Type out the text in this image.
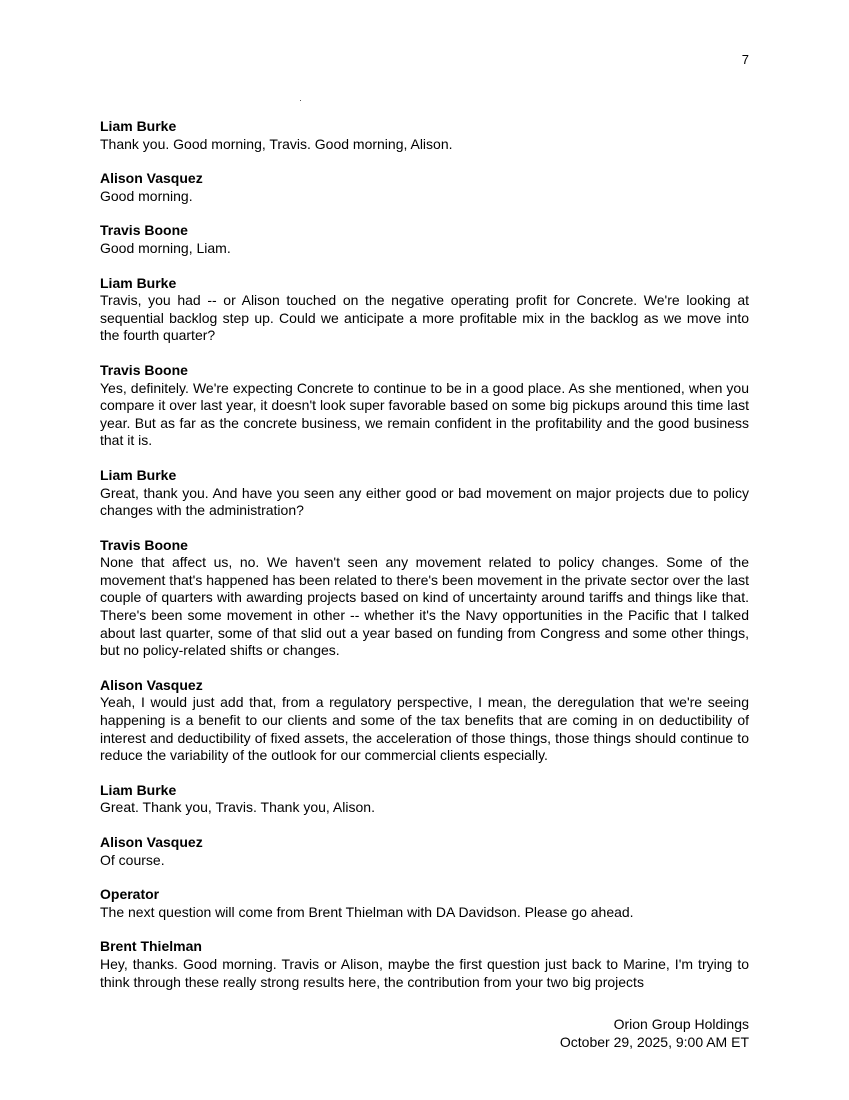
7
Liam Burke
Thank you. Good morning, Travis. Good morning, Alison.
Alison Vasquez
Good morning.
Travis Boone
Good morning, Liam.
Liam Burke
Travis, you had -- or Alison touched on the negative operating profit for Concrete. We're looking at sequential backlog step up. Could we anticipate a more profitable mix in the backlog as we move into the fourth quarter?
Travis Boone
Yes, definitely. We're expecting Concrete to continue to be in a good place. As she mentioned, when you compare it over last year, it doesn't look super favorable based on some big pickups around this time last year. But as far as the concrete business, we remain confident in the profitability and the good business that it is.
Liam Burke
Great, thank you. And have you seen any either good or bad movement on major projects due to policy changes with the administration?
Travis Boone
None that affect us, no. We haven't seen any movement related to policy changes. Some of the movement that's happened has been related to there's been movement in the private sector over the last couple of quarters with awarding projects based on kind of uncertainty around tariffs and things like that. There's been some movement in other -- whether it's the Navy opportunities in the Pacific that I talked about last quarter, some of that slid out a year based on funding from Congress and some other things, but no policy-related shifts or changes.
Alison Vasquez
Yeah, I would just add that, from a regulatory perspective, I mean, the deregulation that we're seeing happening is a benefit to our clients and some of the tax benefits that are coming in on deductibility of interest and deductibility of fixed assets, the acceleration of those things, those things should continue to reduce the variability of the outlook for our commercial clients especially.
Liam Burke
Great. Thank you, Travis. Thank you, Alison.
Alison Vasquez
Of course.
Operator
The next question will come from Brent Thielman with DA Davidson. Please go ahead.
Brent Thielman
Hey, thanks. Good morning. Travis or Alison, maybe the first question just back to Marine, I'm trying to think through these really strong results here, the contribution from your two big projects
Orion Group Holdings
October 29, 2025, 9:00 AM ET
